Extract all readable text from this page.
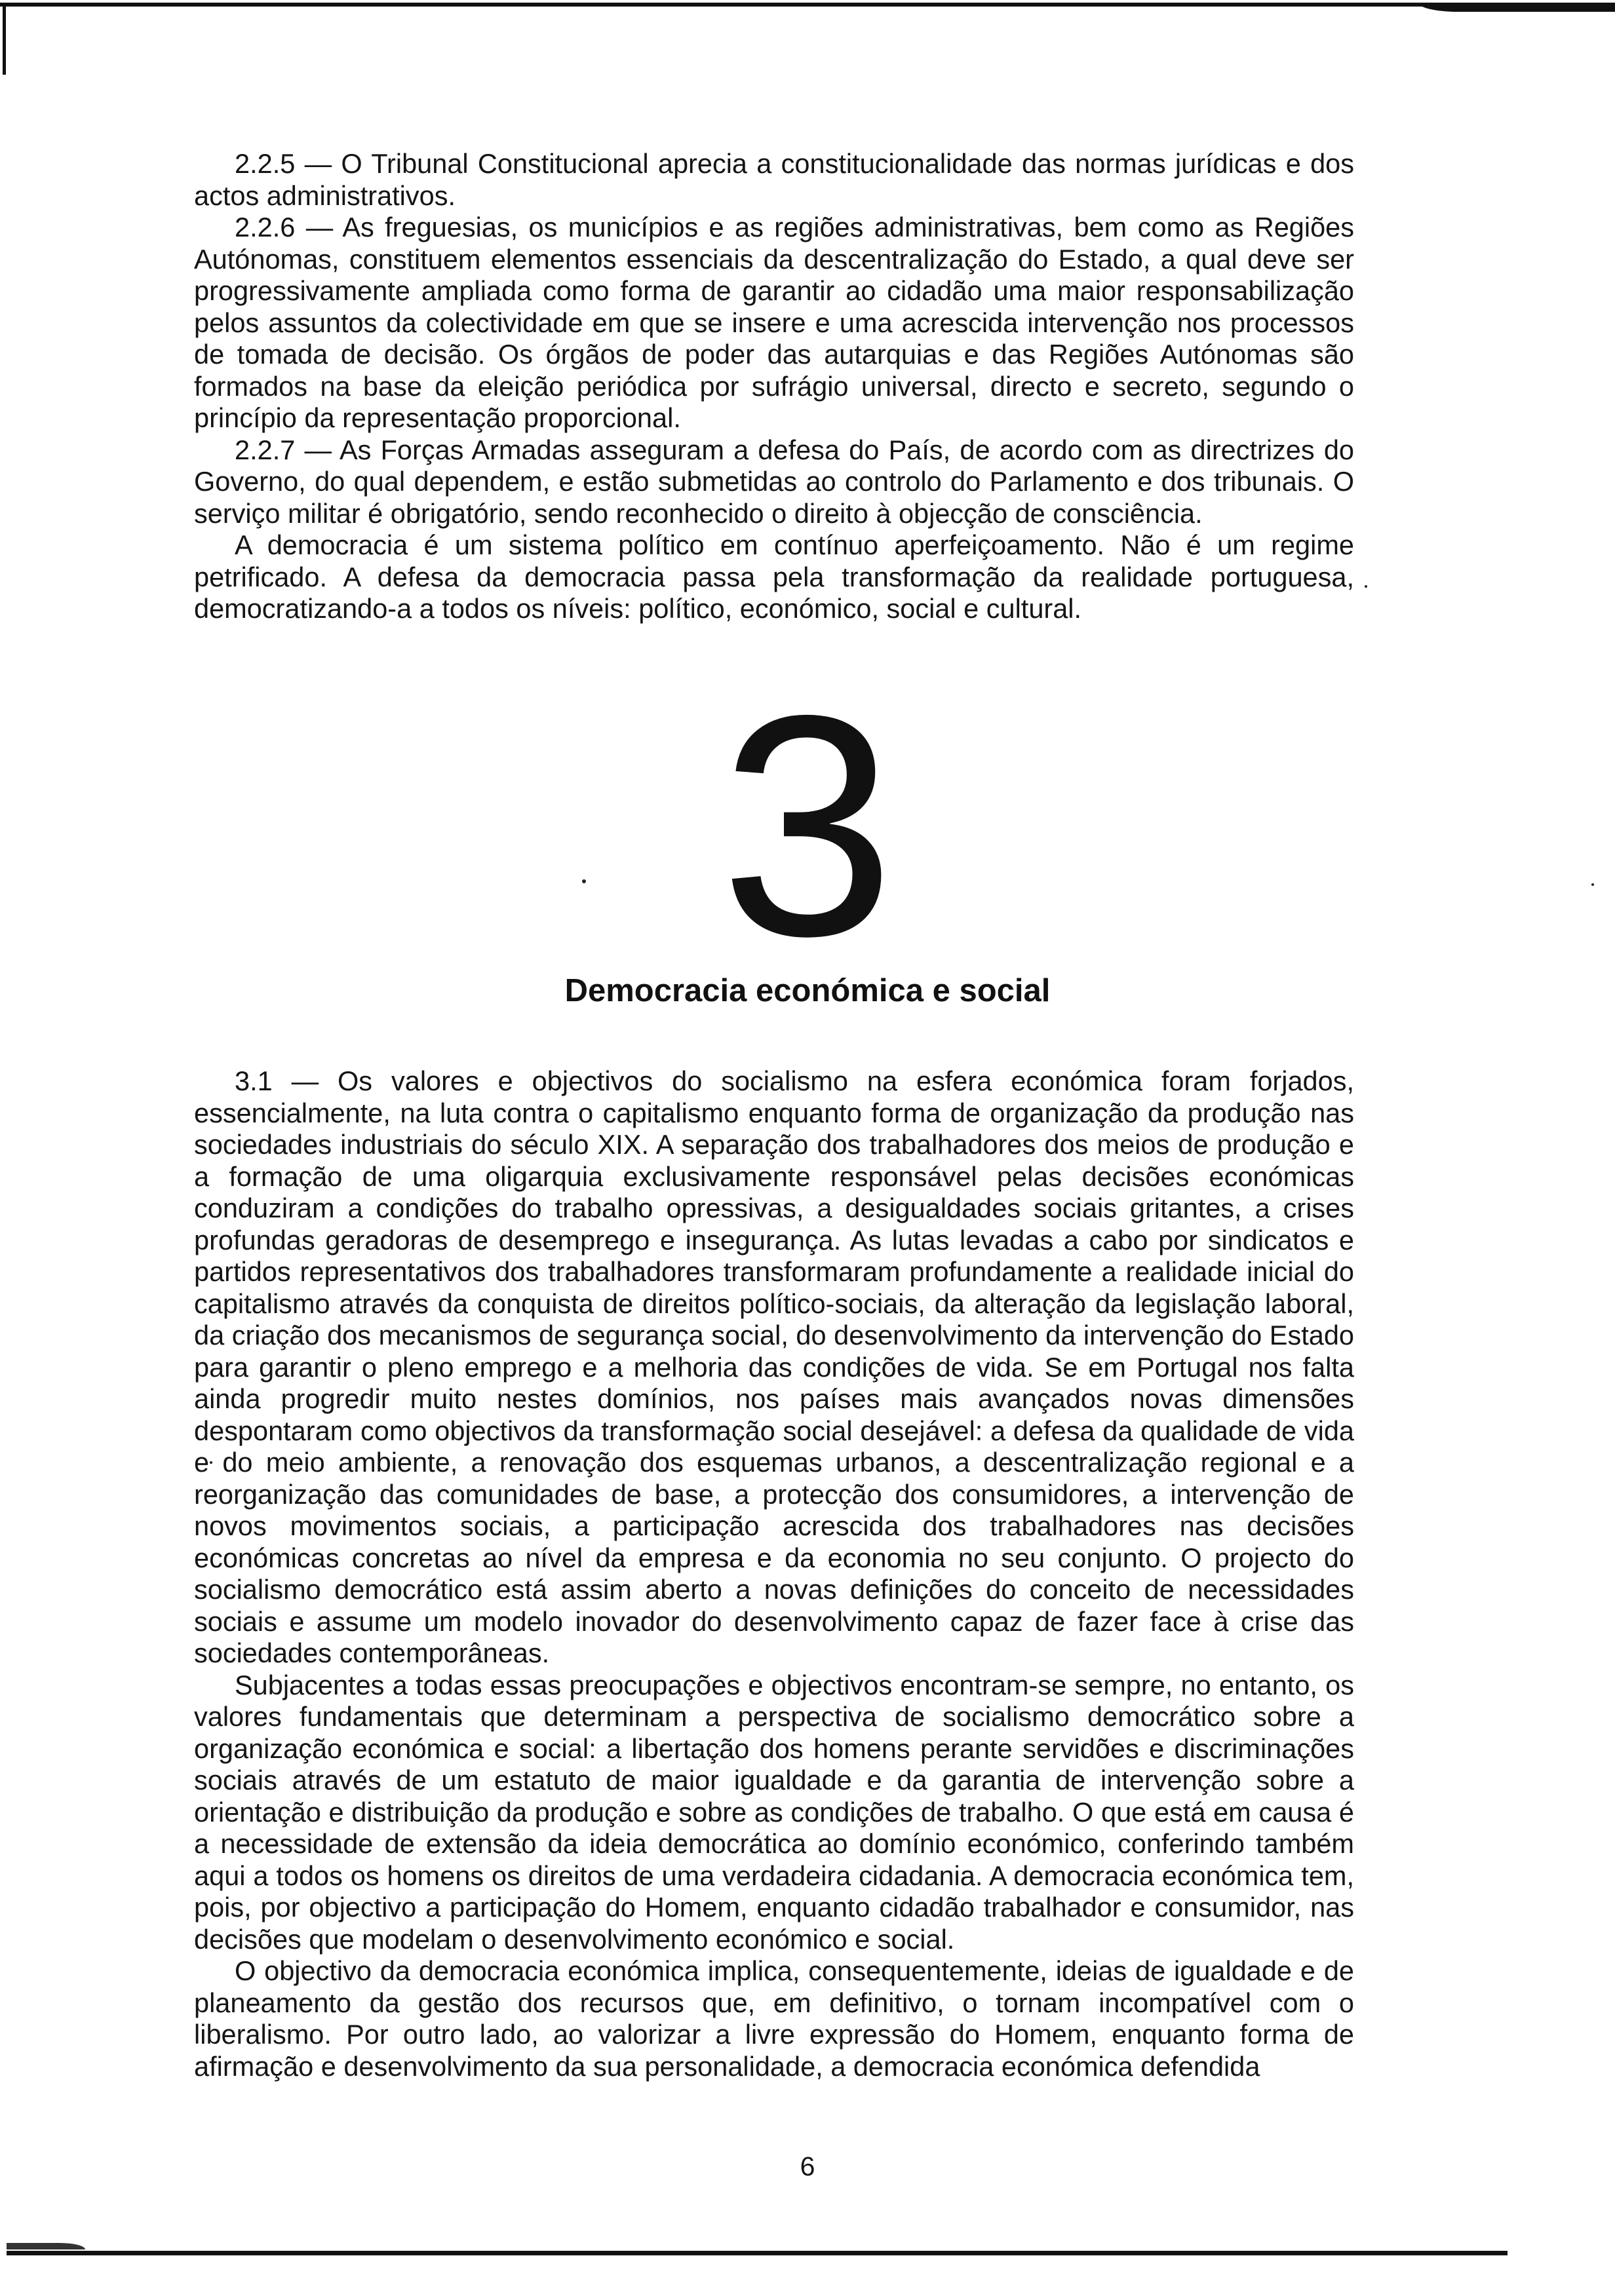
2.2.5 — O Tribunal Constitucional aprecia a constitucionalidade das normas jurídicas e dos actos administrativos.

2.2.6 — As freguesias, os municípios e as regiões administrativas, bem como as Regiões Autónomas, constituem elementos essenciais da descentralização do Estado, a qual deve ser progressivamente ampliada como forma de garantir ao cidadão uma maior responsabilização pelos assuntos da colectividade em que se insere e uma acrescida intervenção nos processos de tomada de decisão. Os órgãos de poder das autarquias e das Regiões Autónomas são formados na base da eleição periódica por sufrágio universal, directo e secreto, segundo o princípio da representação proporcional.

2.2.7 — As Forças Armadas asseguram a defesa do País, de acordo com as directrizes do Governo, do qual dependem, e estão submetidas ao controlo do Parlamento e dos tribunais. O serviço militar é obrigatório, sendo reconhecido o direito à objecção de consciência.

A democracia é um sistema político em contínuo aperfeiçoamento. Não é um regime petrificado. A defesa da democracia passa pela transformação da realidade portuguesa, democratizando-a a todos os níveis: político, económico, social e cultural.

3
Democracia económica e social

3.1 — Os valores e objectivos do socialismo na esfera económica foram forjados, essencialmente, na luta contra o capitalismo enquanto forma de organização da produção nas sociedades industriais do século XIX. A separação dos trabalhadores dos meios de produção e a formação de uma oligarquia exclusivamente responsável pelas decisões económicas conduziram a condições do trabalho opressivas, a desigualdades sociais gritantes, a crises profundas geradoras de desemprego e insegurança. As lutas levadas a cabo por sindicatos e partidos representativos dos trabalhadores transformaram profundamente a realidade inicial do capitalismo através da conquista de direitos político-sociais, da alteração da legislação laboral, da criação dos mecanismos de segurança social, do desenvolvimento da intervenção do Estado para garantir o pleno emprego e a melhoria das condições de vida. Se em Portugal nos falta ainda progredir muito nestes domínios, nos países mais avançados novas dimensões despontaram como objectivos da transformação social desejável: a defesa da qualidade de vida e do meio ambiente, a renovação dos esquemas urbanos, a descentralização regional e a reorganização das comunidades de base, a protecção dos consumidores, a intervenção de novos movimentos sociais, a participação acrescida dos trabalhadores nas decisões económicas concretas ao nível da empresa e da economia no seu conjunto. O projecto do socialismo democrático está assim aberto a novas definições do conceito de necessidades sociais e assume um modelo inovador do desenvolvimento capaz de fazer face à crise das sociedades contemporâneas.

Subjacentes a todas essas preocupações e objectivos encontram-se sempre, no entanto, os valores fundamentais que determinam a perspectiva de socialismo democrático sobre a organização económica e social: a libertação dos homens perante servidões e discriminações sociais através de um estatuto de maior igualdade e da garantia de intervenção sobre a orientação e distribuição da produção e sobre as condições de trabalho. O que está em causa é a necessidade de extensão da ideia democrática ao domínio económico, conferindo também aqui a todos os homens os direitos de uma verdadeira cidadania. A democracia económica tem, pois, por objectivo a participação do Homem, enquanto cidadão trabalhador e consumidor, nas decisões que modelam o desenvolvimento económico e social.

O objectivo da democracia económica implica, consequentemente, ideias de igualdade e de planeamento da gestão dos recursos que, em definitivo, o tornam incompatível com o liberalismo. Por outro lado, ao valorizar a livre expressão do Homem, enquanto forma de afirmação e desenvolvimento da sua personalidade, a democracia económica defendida

6
